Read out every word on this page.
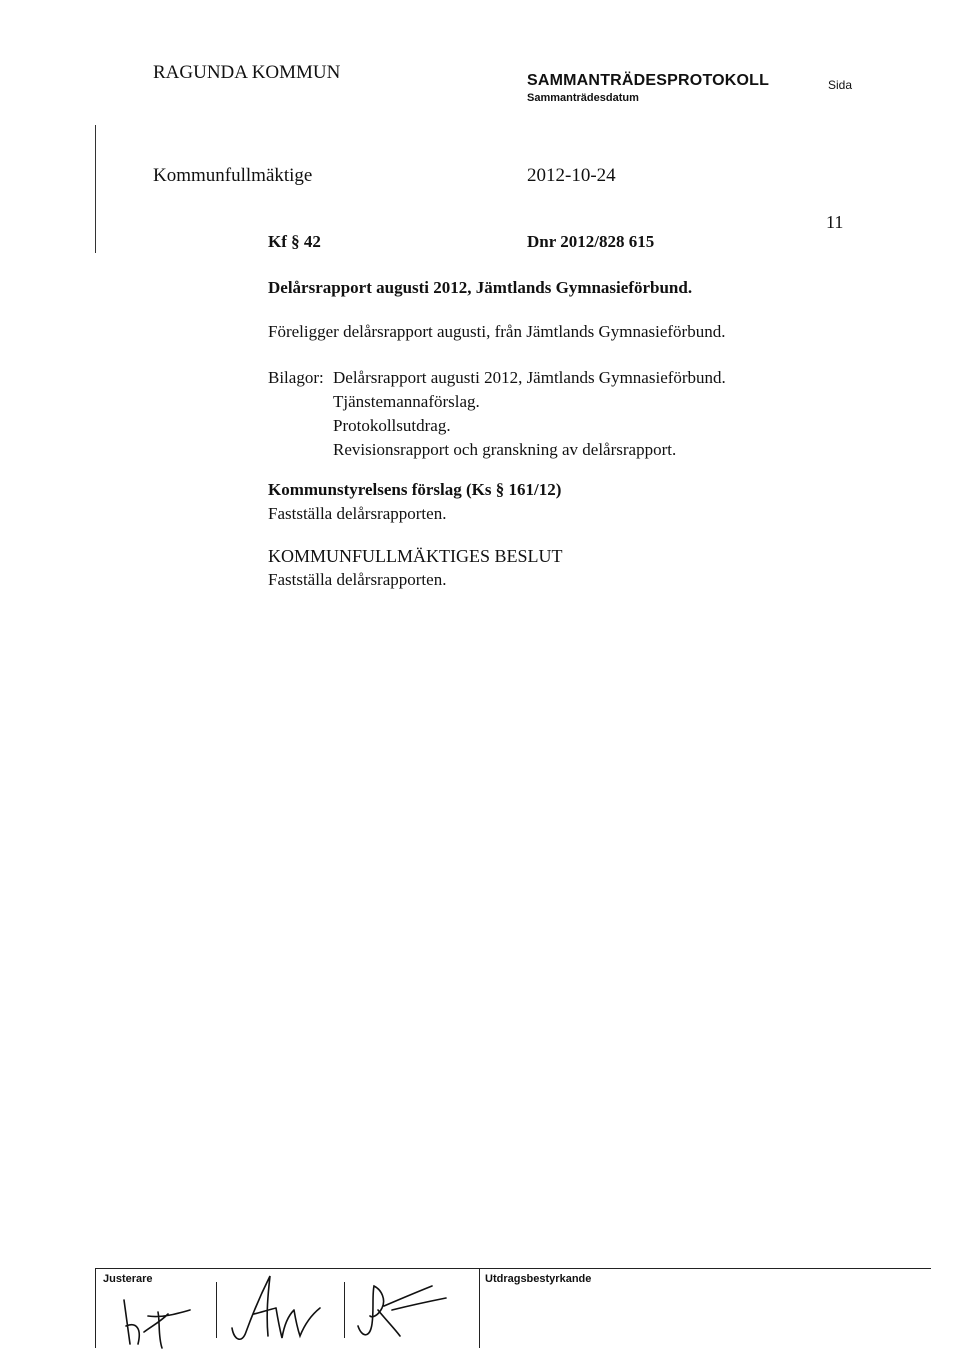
RAGUNDA KOMMUN	SAMMANTRÄDESPROTOKOLL
Sammanträdesdatum
Sida
Kommunfullmäktige	2012-10-24
11
Kf § 42	Dnr 2012/828 615
Delårsrapport augusti 2012, Jämtlands Gymnasieförbund.
Föreligger delårsrapport augusti, från Jämtlands Gymnasieförbund.
Bilagor: Delårsrapport augusti 2012, Jämtlands Gymnasieförbund.
Tjänstemannaförslag.
Protokollsutdrag.
Revisionsrapport och granskning av delårsrapport.
Kommunstyrelsens förslag (Ks § 161/12)
Fastställa delårsrapporten.
KOMMUNFULLMÄKTIGES BESLUT
Fastställa delårsrapporten.
Justerare	Utdragsbestyrkande
